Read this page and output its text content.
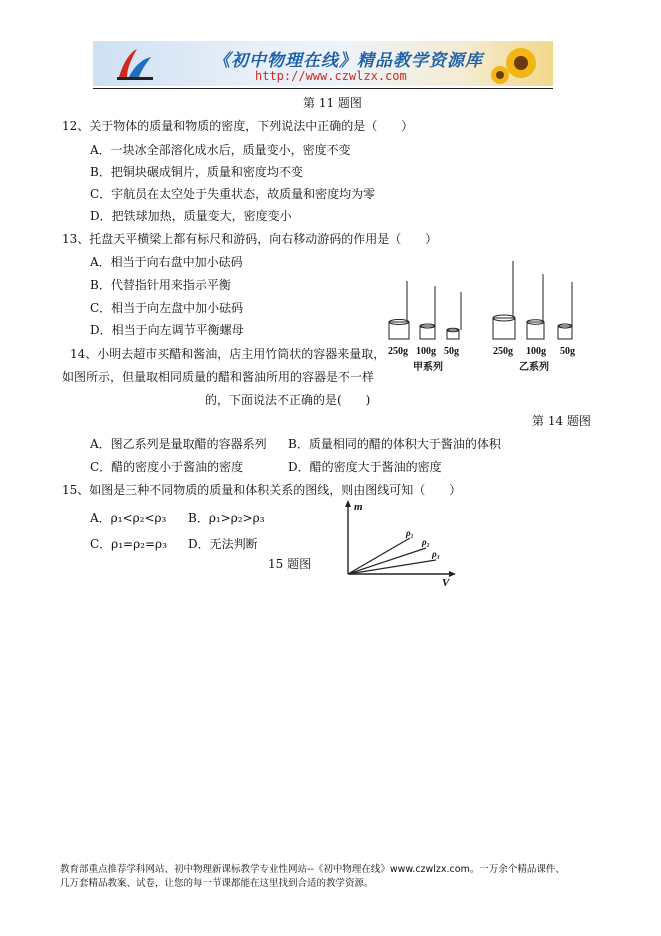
《初中物理在线》精品教学资源库
http://www.czwlzx.com
第 11 题图
12、关于物体的质量和物质的密度，下列说法中正确的是（　　）
A．一块冰全部溶化成水后，质量变小，密度不变
B．把铜块碾成铜片，质量和密度均不变
C．宇航员在太空处于失重状态，故质量和密度均为零
D．把铁球加热，质量变大，密度变小
13、托盘天平横梁上都有标尺和游码，向右移动游码的作用是（　　）
A．相当于向右盘中加小砝码
B．代替指针用来指示平衡
C．相当于向左盘中加小砝码
D．相当于向左调节平衡螺母
250g 100g 50g	250g 100g 50g
甲系列	乙系列
14、小明去超市买醋和酱油，店主用竹筒状的容器来量取，
如图所示，但量取相同质量的醋和酱油所用的容器是不一样
的，下面说法不正确的是(　　)
第 14 题图
A．图乙系列是量取醋的容器系列 B．质量相同的醋的体积大于酱油的体积
C．醋的密度小于酱油的密度	D．醋的密度大于酱油的密度
15、如图是三种不同物质的质量和体积关系的图线，则由图线可知（　　）
A．ρ₁<ρ₂<ρ₃ B．ρ₁>ρ₂>ρ₃
C．ρ₁=ρ₂=ρ₃ D．无法判断
15 题图
m
V
ρ₁
ρ₂
ρ₃
教育部重点推荐学科网站、初中物理新课标教学专业性网站--《初中物理在线》www.czwlzx.com。一万余个精品课件、
几万套精品教案、试卷，让您的每一节课都能在这里找到合适的教学资源。
